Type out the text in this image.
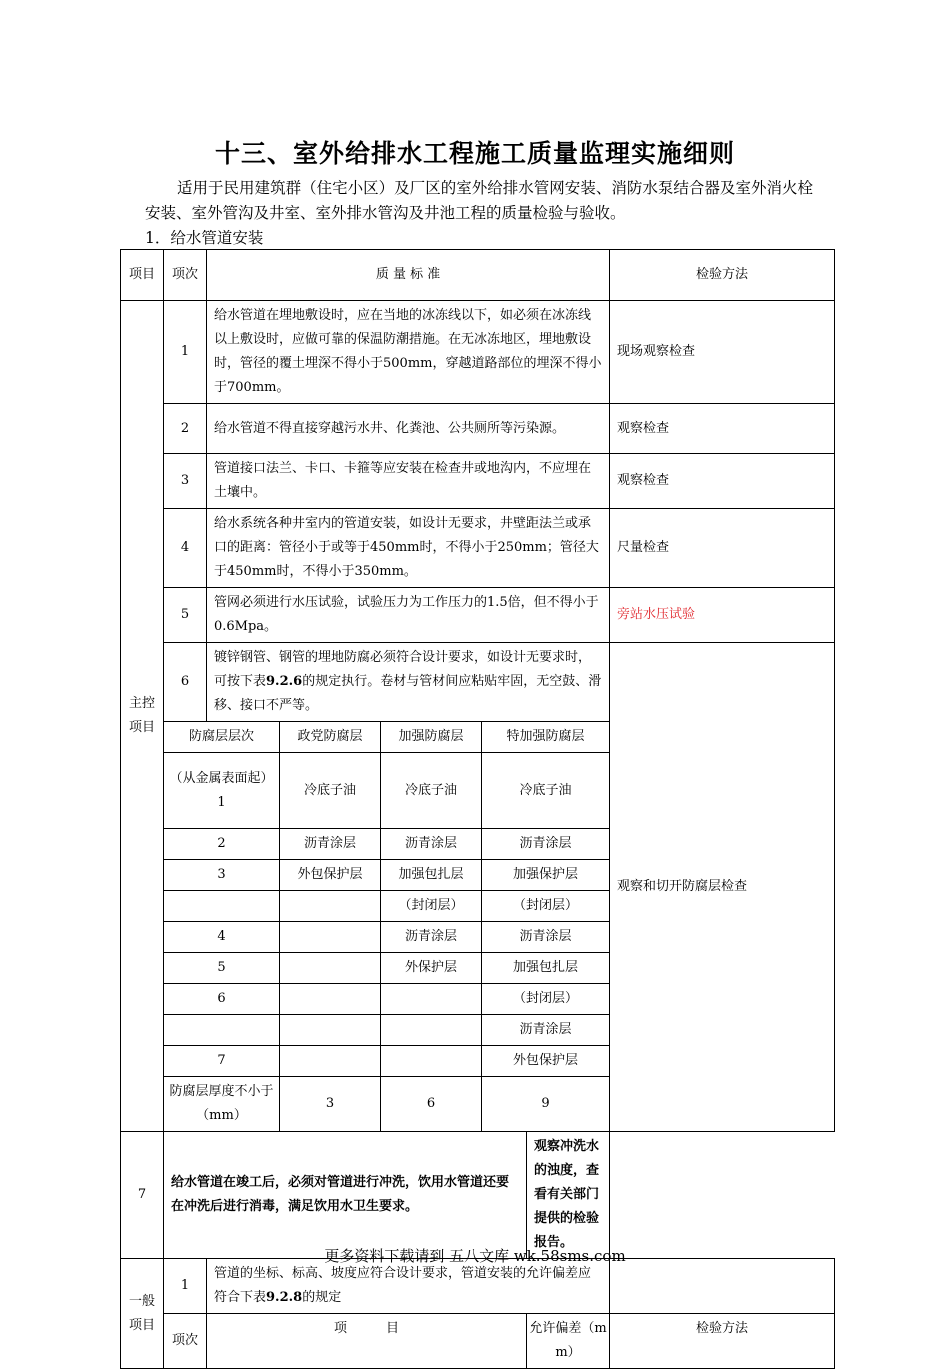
十三、室外给排水工程施工质量监理实施细则
适用于民用建筑群（住宅小区）及厂区的室外给排水管网安装、消防水泵结合器及室外消火栓安装、室外管沟及井室、室外排水管沟及井池工程的质量检验与验收。
1．给水管道安装
项目	项次	质 量 标 准					检验方法
主控项目	1	给水管道在埋地敷设时，应在当地的冰冻线以下，如必须在冰冻线以上敷设时，应做可靠的保温防潮措施。在无冰冻地区，埋地敷设时，管径的覆土埋深不得小于500mm，穿越道路部位的埋深不得小于700mm。					现场观察检查
	2	给水管道不得直接穿越污水井、化粪池、公共厕所等污染源。					观察检查
	3	管道接口法兰、卡口、卡箍等应安装在检查井或地沟内，不应埋在土壤中。					观察检查
	4	给水系统各种井室内的管道安装，如设计无要求，井壁距法兰或承口的距离：管径小于或等于450mm时，不得小于250mm；管径大于450mm时，不得小于350mm。					尺量检查
	5	管网必须进行水压试验，试验压力为工作压力的1.5倍，但不得小于0.6Mpa。					旁站水压试验
	6	镀锌钢管、钢管的埋地防腐必须符合设计要求，如设计无要求时，可按下表9.2.6的规定执行。卷材与管材间应粘贴牢固，无空鼓、滑移、接口不严等。					观察和切开防腐层检查
	防腐层层次		政党防腐层	加强防腐层	特加强防腐层		
	（从金属表面起）1		冷底子油	冷底子油	冷底子油		
	2		沥青涂层	沥青涂层	沥青涂层		
	3		外包保护层	加强包扎层	加强保护层		
				（封闭层）	（封闭层）		
	4			沥青涂层	沥青涂层		
	5			外保护层	加强包扎层		
	6				（封闭层）		
					沥青涂层		
	7				外包保护层		
	防腐层厚度不小于（mm）		3	6	9		
7	给水管道在竣工后，必须对管道进行冲洗，饮用水管道还要在冲洗后进行消毒，满足饮用水卫生要求。					观察冲洗水的浊度，查看有关部门提供的检验报告。	
一般项目	1	管道的坐标、标高、坡度应符合设计要求，管道安装的允许偏差应符合下表9.2.8的规定					
	项次	项　　　目				允许偏差（mm）	检验方法
更多资料下载请到 五八文库 wk.58sms.com
